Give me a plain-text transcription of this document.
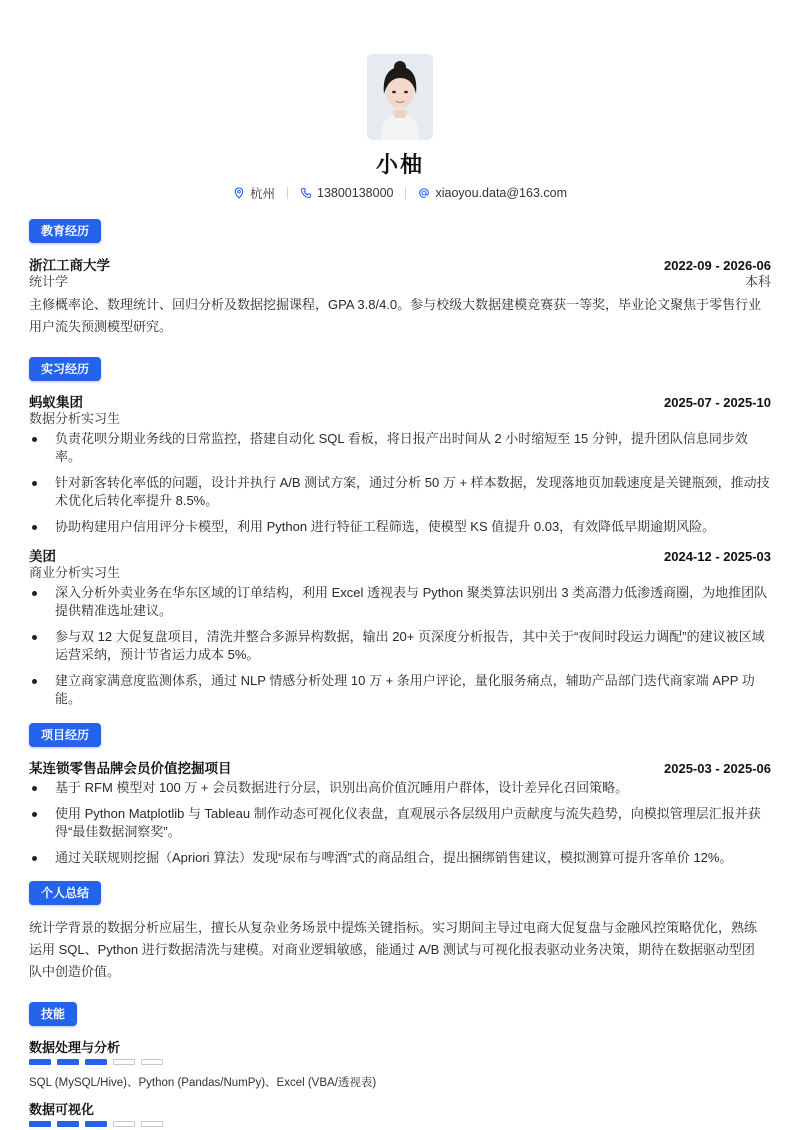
小柚
杭州	13800138000	xiaoyou.data@163.com
教育经历
浙江工商大学	2022-09 - 2026-06
统计学	本科
主修概率论、数理统计、回归分析及数据挖掘课程，GPA 3.8/4.0。参与校级大数据建模竞赛获一等奖，毕业论文聚焦于零售行业
用户流失预测模型研究。
实习经历
蚂蚁集团	2025-07 - 2025-10
数据分析实习生
负责花呗分期业务线的日常监控，搭建自动化 SQL 看板，将日报产出时间从 2 小时缩短至 15 分钟，提升团队信息同步效率。
针对新客转化率低的问题，设计并执行 A/B 测试方案，通过分析 50 万 + 样本数据，发现落地页加载速度是关键瓶颈，推动技术优化后转化率提升 8.5%。
协助构建用户信用评分卡模型，利用 Python 进行特征工程筛选，使模型 KS 值提升 0.03，有效降低早期逾期风险。
美团	2024-12 - 2025-03
商业分析实习生
深入分析外卖业务在华东区域的订单结构，利用 Excel 透视表与 Python 聚类算法识别出 3 类高潜力低渗透商圈，为地推团队提供精准选址建议。
参与双 12 大促复盘项目，清洗并整合多源异构数据，输出 20+ 页深度分析报告，其中关于“夜间时段运力调配”的建议被区域运营采纳，预计节省运力成本 5%。
建立商家满意度监测体系，通过 NLP 情感分析处理 10 万 + 条用户评论，量化服务痛点，辅助产品部门迭代商家端 APP 功能。
项目经历
某连锁零售品牌会员价值挖掘项目	2025-03 - 2025-06
基于 RFM 模型对 100 万 + 会员数据进行分层，识别出高价值沉睡用户群体，设计差异化召回策略。
使用 Python Matplotlib 与 Tableau 制作动态可视化仪表盘，直观展示各层级用户贡献度与流失趋势，向模拟管理层汇报并获得“最佳数据洞察奖”。
通过关联规则挖掘（Apriori 算法）发现“尿布与啤酒”式的商品组合，提出捆绑销售建议，模拟测算可提升客单价 12%。
个人总结
统计学背景的数据分析应届生，擅长从复杂业务场景中提炼关键指标。实习期间主导过电商大促复盘与金融风控策略优化，熟练
运用 SQL、Python 进行数据清洗与建模。对商业逻辑敏感，能通过 A/B 测试与可视化报表驱动业务决策，期待在数据驱动型团
队中创造价值。
技能
数据处理与分析
SQL (MySQL/Hive)、Python (Pandas/NumPy)、Excel (VBA/透视表)
数据可视化
